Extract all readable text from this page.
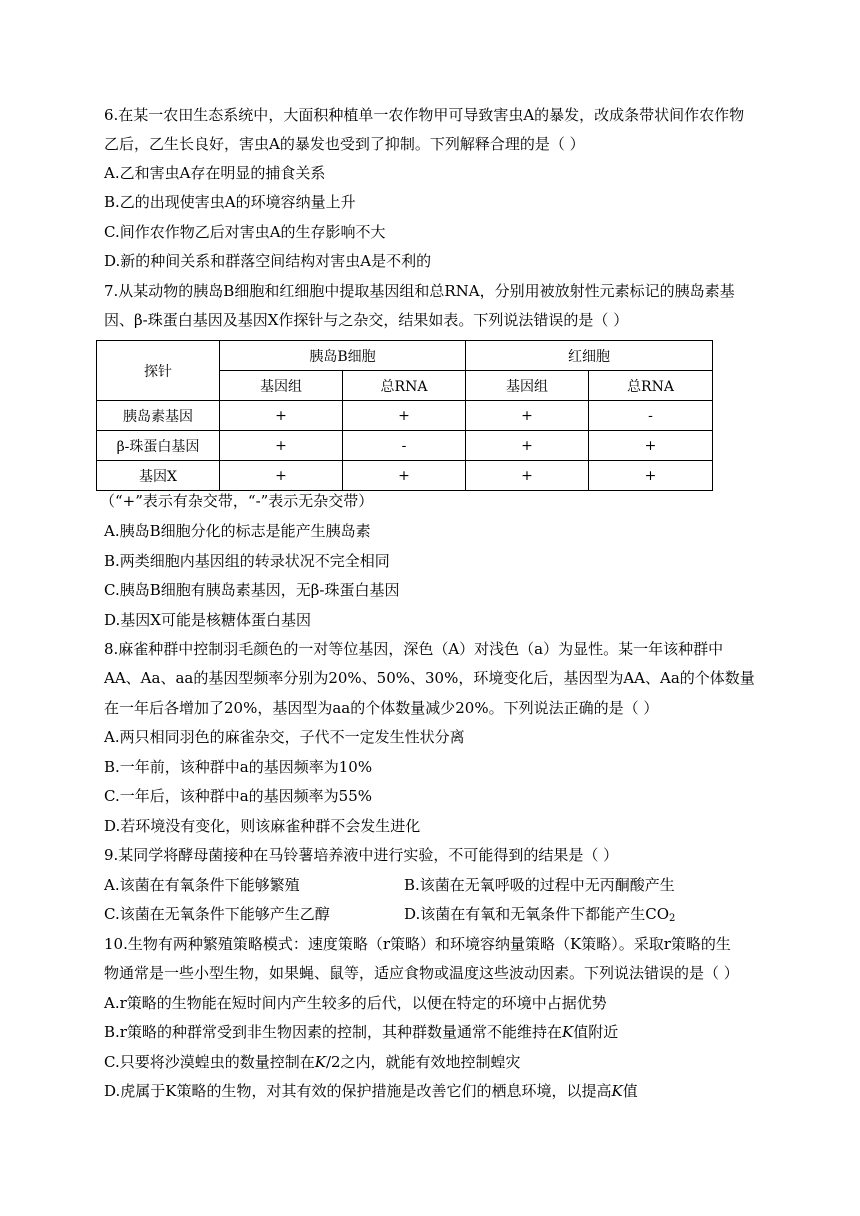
6.在某一农田生态系统中，大面积种植单一农作物甲可导致害虫A的暴发，改成条带状间作农作物
乙后，乙生长良好，害虫A的暴发也受到了抑制。下列解释合理的是（ ）
A.乙和害虫A存在明显的捕食关系
B.乙的出现使害虫A的环境容纳量上升
C.间作农作物乙后对害虫A的生存影响不大
D.新的种间关系和群落空间结构对害虫A是不利的
7.从某动物的胰岛B细胞和红细胞中提取基因组和总RNA，分别用被放射性元素标记的胰岛素基
因、β-珠蛋白基因及基因X作探针与之杂交，结果如表。下列说法错误的是（ ）
探针	胰岛B细胞		红细胞	
	基因组	总RNA	基因组	总RNA
胰岛素基因	+	+	+	-
β-珠蛋白基因	+	-	+	+
基因X	+	+	+	+
（“+”表示有杂交带，“-”表示无杂交带）
A.胰岛B细胞分化的标志是能产生胰岛素
B.两类细胞内基因组的转录状况不完全相同
C.胰岛B细胞有胰岛素基因，无β-珠蛋白基因
D.基因X可能是核糖体蛋白基因
8.麻雀种群中控制羽毛颜色的一对等位基因，深色（A）对浅色（a）为显性。某一年该种群中
AA、Aa、aa的基因型频率分别为20%、50%、30%，环境变化后，基因型为AA、Aa的个体数量
在一年后各增加了20%，基因型为aa的个体数量减少20%。下列说法正确的是（ ）
A.两只相同羽色的麻雀杂交，子代不一定发生性状分离
B.一年前，该种群中a的基因频率为10%
C.一年后，该种群中a的基因频率为55%
D.若环境没有变化，则该麻雀种群不会发生进化
9.某同学将酵母菌接种在马铃薯培养液中进行实验，不可能得到的结果是（ ）
A.该菌在有氧条件下能够繁殖	B.该菌在无氧呼吸的过程中无丙酮酸产生
C.该菌在无氧条件下能够产生乙醇	D.该菌在有氧和无氧条件下都能产生$CO_2$
10.生物有两种繁殖策略模式：速度策略（r策略）和环境容纳量策略（K策略）。采取r策略的生
物通常是一些小型生物，如果蝇、鼠等，适应食物或温度这些波动因素。下列说法错误的是（ ）
A.r策略的生物能在短时间内产生较多的后代，以便在特定的环境中占据优势
B.r策略的种群常受到非生物因素的控制，其种群数量通常不能维持在K值附近
C.只要将沙漠蝗虫的数量控制在K/2之内，就能有效地控制蝗灾
D.虎属于K策略的生物，对其有效的保护措施是改善它们的栖息环境，以提高K值
